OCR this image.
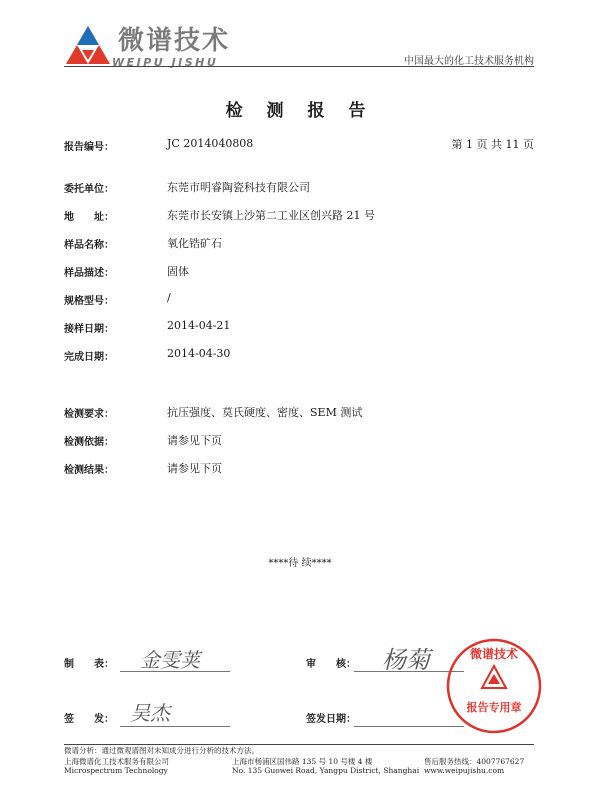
微谱技术
WEIPU JISHU	中国最大的化工技术服务机构
检 测 报 告
报告编号：	JC 2014040808	第 1 页 共 11 页
委托单位：	东莞市明睿陶瓷科技有限公司
地　　址：	东莞市长安镇上沙第二工业区创兴路 21 号
样品名称：	氧化锆矿石
样品描述：	固体
规格型号：	/
接样日期：	2014-04-21
完成日期：	2014-04-30
检测要求：	抗压强度、莫氏硬度、密度、SEM 测试
检测依据：	请参见下页
检测结果：	请参见下页
****待 续****
制　　表： 金雯荚	审　　核： 杨菊
签　　发： 吴杰	签发日期：
微谱技术
报告专用章
微谱分析：通过微观谱图对未知成分进行分析的技术方法。
上海微谱化工技术服务有限公司
Microspectrum Technology
上海市杨浦区国伟路 135 号 10 号楼 4 楼
No. 135 Guowei Road, Yangpu District, Shanghai
售后服务热线：4007767627
www.weipujishu.com
